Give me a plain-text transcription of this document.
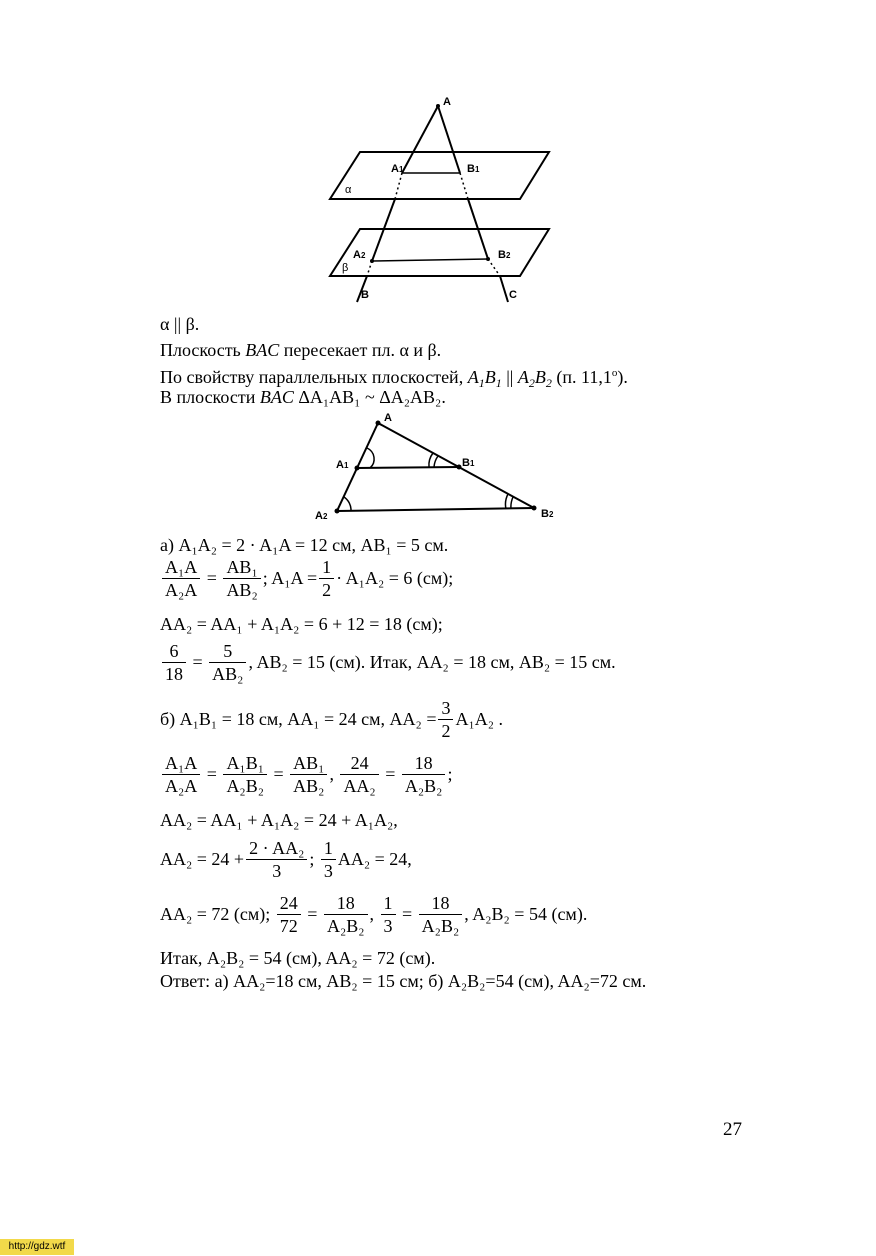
A
A1	B1
α
A2	B2
β
B	C
α || β.
Плоскость BAC пересекает пл. α и β.
По свойству параллельных плоскостей, $A_1B_1$ || $A_2B_2$ (п. 11,1$^o$).
В плоскости BAC ΔA₁AB₁ ~ ΔA₂AB₂.
A
A1	B1
A2	B2
а) A₁A₂ = 2 · A₁A = 12 см, AB₁ = 5 см.
$\frac{\text{A₁A}}{\text{A₂A}} = \frac{\text{AB₁}}{\text{AB₂}}$ ; $A_1A = \frac{1}{2} \cdot A_1A_2 = 6$ (см);
AA₂ = AA₁ + A₁A₂ = 6 + 12 = 18 (см);
$\frac{6}{18} = \frac{5}{\text{AB₂}}$ , AB₂ = 15 (см). Итак, AA₂ = 18 см, AB₂ = 15 см.
б) A₁B₁ = 18 см, AA₁ = 24 см, $AA_2 = \frac{3}{2} A_1A_2$ .
$\frac{\text{A₁A}}{\text{A₂A}} = \frac{\text{A₁B₁}}{\text{A₂B₂}} = \frac{\text{AB₁}}{\text{AB₂}}$ , $\frac{24}{\text{AA₂}} = \frac{18}{\text{A₂B₂}}$ ;
AA₂ = AA₁ + A₁A₂ = 24 + A₁A₂,
$AA_2 = 24 + \frac{\text{2 · AA₂}}{3}$ ; $\frac{1}{3} AA_2 = 24$,
AA₂ = 72 (см);
$\frac{24}{72} = \frac{18}{\text{A₂B₂}}$ , $\frac{1}{3} = \frac{18}{\text{A₂B₂}}$ , A₂B₂ = 54 (см).
Итак, A₂B₂ = 54 (см), AA₂ = 72 (см).
Ответ: а) AA₂=18 см, AB₂ = 15 см; б) A₂B₂=54 (см), AA₂=72 см.
27
http://gdz.wtf
